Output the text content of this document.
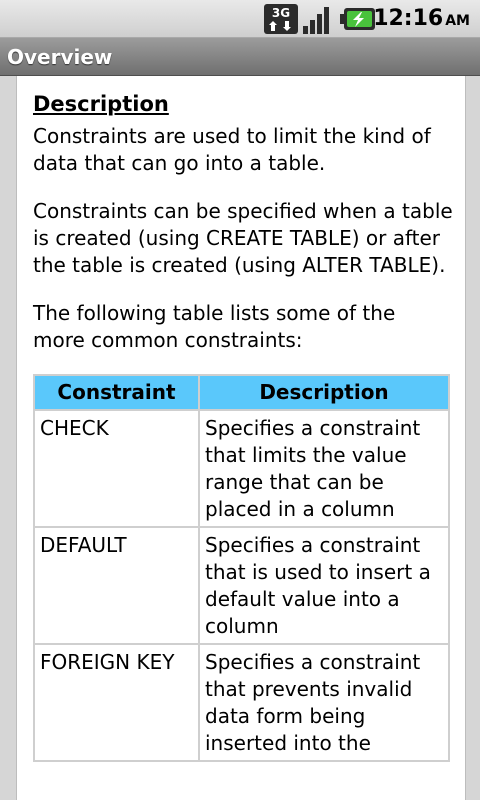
3G	12:16 AM
Overview
Description

Constraints are used to limit the kind of data that can go into a table.

Constraints can be specified when a table is created (using CREATE TABLE) or after the table is created (using ALTER TABLE).

The following table lists some of the more common constraints:

Constraint	Description
CHECK	Specifies a constraint that limits the value range that can be placed in a column
DEFAULT	Specifies a constraint that is used to insert a default value into a column
FOREIGN KEY	Specifies a constraint that prevents invalid data form being inserted into the
